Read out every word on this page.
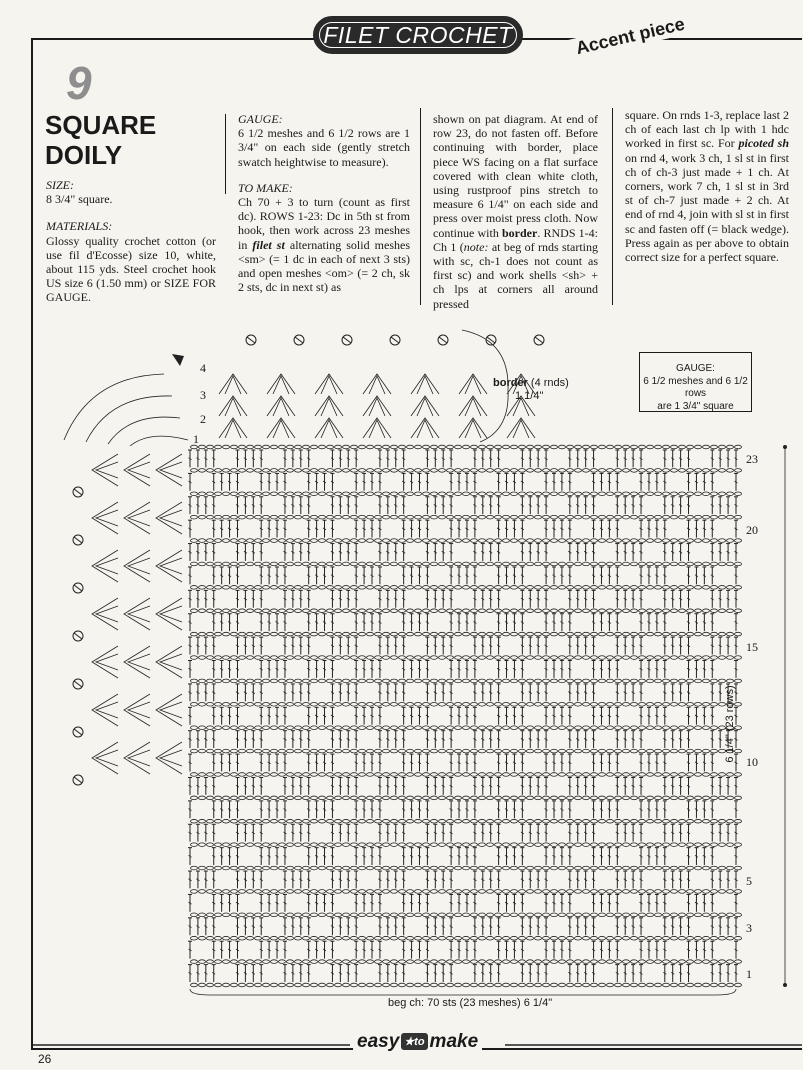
FILET CROCHET	Accent piece
9
SQUARE
DOILY
SIZE:
8 3/4" square.
MATERIALS:
Glossy quality crochet cotton (or use fil d'Ecosse) size 10, white, about 115 yds. Steel crochet hook US size 6 (1.50 mm) or SIZE FOR GAUGE.
GAUGE:
6 1/2 meshes and 6 1/2 rows are 1 3/4" on each side (gently stretch swatch heightwise to measure).
TO MAKE:
Ch 70 + 3 to turn (count as first dc). ROWS 1-23: Dc in 5th st from hook, then work across 23 meshes in filet st alternating solid meshes <sm> (= 1 dc in each of next 3 sts) and open meshes <om> (= 2 ch, sk 2 sts, dc in next st) as
shown on pat diagram. At end of row 23, do not fasten off. Before continuing with border, place piece WS facing on a flat surface covered with clean white cloth, using rustproof pins stretch to measure 6 1/4" on each side and press over moist press cloth. Now continue with border. RNDS 1-4: Ch 1 (note: at beg of rnds starting with sc, ch-1 does not count as first sc) and work shells <sh> + ch lps at corners all around pressed
square. On rnds 1-3, replace last 2 ch of each last ch lp with 1 hdc worked in first sc. For picoted sh on rnd 4, work 3 ch, 1 sl st in first ch of ch-3 just made + 1 ch. At corners, work 7 ch, 1 sl st in 3rd st of ch-7 just made + 2 ch. At end of rnd 4, join with sl st in first sc and fasten off (= black wedge). Press again as per above to obtain correct size for a perfect square.
GAUGE:
6 1/2 meshes and 6 1/2 rows
are 1 3/4" square
border (4 rnds)
1 1/4"
6 1/4" (23 rows)
beg ch: 70 sts (23 meshes) 6 1/4"
23
20
15
10
5
3
1
4
3
2
1
easy ★to make
26
